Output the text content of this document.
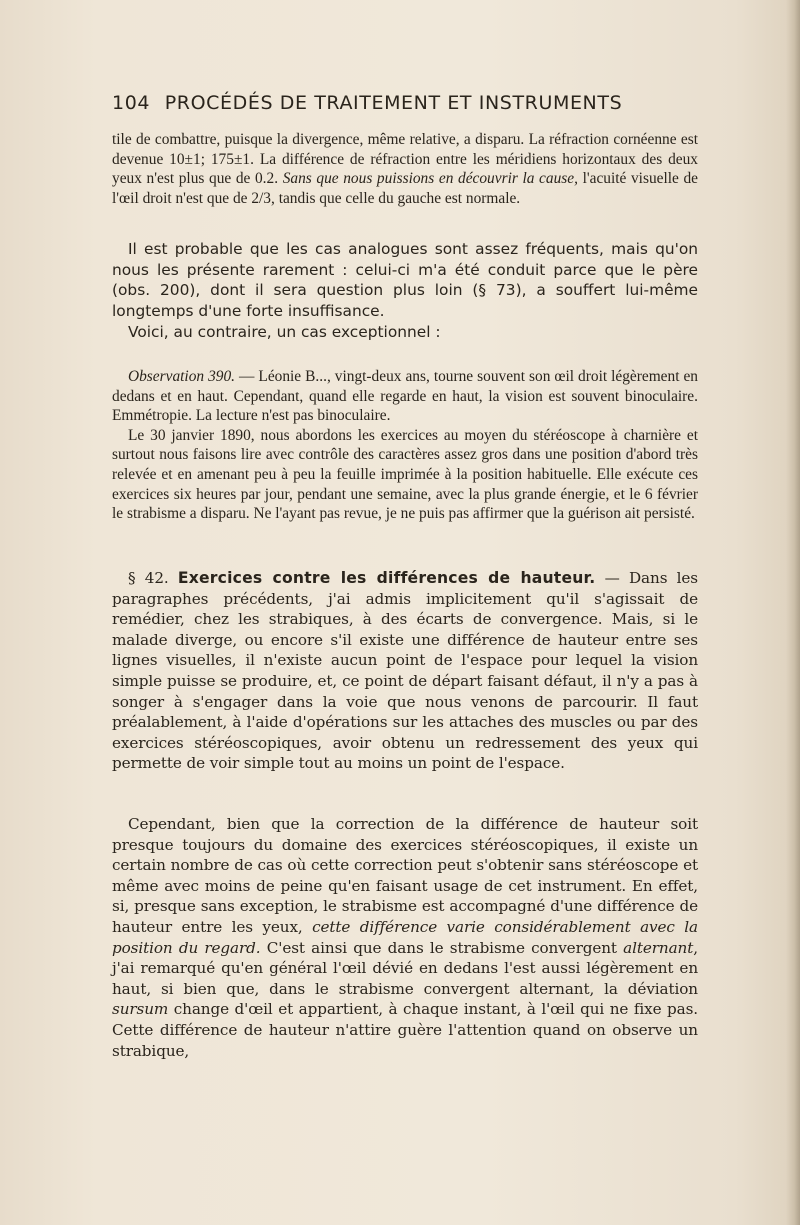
104 PROCÉDÉS DE TRAITEMENT ET INSTRUMENTS

tile de combattre, puisque la divergence, même relative, a disparu. La réfraction cornéenne est devenue 10±1; 175±1. La différence de réfraction entre les méridiens horizontaux des deux yeux n'est plus que de 0.2. Sans que nous puissions en découvrir la cause, l'acuité visuelle de l'œil droit n'est que de 2/3, tandis que celle du gauche est normale.

Il est probable que les cas analogues sont assez fréquents, mais qu'on nous les présente rarement : celui-ci m'a été conduit parce que le père (obs. 200), dont il sera question plus loin (§ 73), a souffert lui-même longtemps d'une forte insuffisance.

Voici, au contraire, un cas exceptionnel :

Observation 390. — Léonie B..., vingt-deux ans, tourne souvent son œil droit légèrement en dedans et en haut. Cependant, quand elle regarde en haut, la vision est souvent binoculaire. Emmétropie. La lecture n'est pas binoculaire.

Le 30 janvier 1890, nous abordons les exercices au moyen du stéréoscope à charnière et surtout nous faisons lire avec contrôle des caractères assez gros dans une position d'abord très relevée et en amenant peu à peu la feuille imprimée à la position habituelle. Elle exécute ces exercices six heures par jour, pendant une semaine, avec la plus grande énergie, et le 6 février le strabisme a disparu. Ne l'ayant pas revue, je ne puis pas affirmer que la guérison ait persisté.

§ 42. Exercices contre les différences de hauteur. — Dans les paragraphes précédents, j'ai admis implicitement qu'il s'agissait de remédier, chez les strabiques, à des écarts de convergence. Mais, si le malade diverge, ou encore s'il existe une différence de hauteur entre ses lignes visuelles, il n'existe aucun point de l'espace pour lequel la vision simple puisse se produire, et, ce point de départ faisant défaut, il n'y a pas à songer à s'engager dans la voie que nous venons de parcourir. Il faut préalablement, à l'aide d'opérations sur les attaches des muscles ou par des exercices stéréoscopiques, avoir obtenu un redressement des yeux qui permette de voir simple tout au moins un point de l'espace.

Cependant, bien que la correction de la différence de hauteur soit presque toujours du domaine des exercices stéréoscopiques, il existe un certain nombre de cas où cette correction peut s'obtenir sans stéréoscope et même avec moins de peine qu'en faisant usage de cet instrument. En effet, si, presque sans exception, le strabisme est accompagné d'une différence de hauteur entre les yeux, cette différence varie considérablement avec la position du regard. C'est ainsi que dans le strabisme convergent alternant, j'ai remarqué qu'en général l'œil dévié en dedans l'est aussi légèrement en haut, si bien que, dans le strabisme convergent alternant, la déviation sursum change d'œil et appartient, à chaque instant, à l'œil qui ne fixe pas. Cette différence de hauteur n'attire guère l'attention quand on observe un strabique,
